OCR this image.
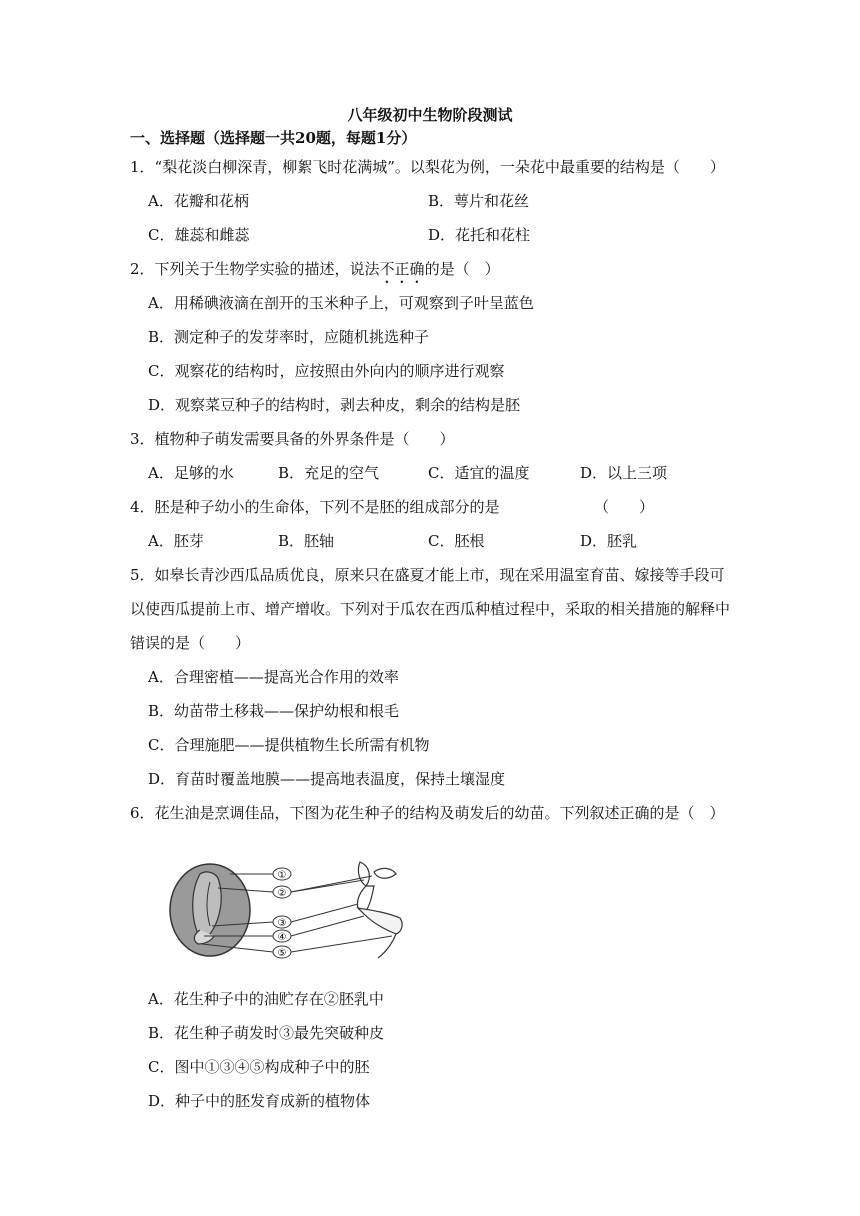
八年级初中生物阶段测试
一、选择题（选择题一共20题，每题1分）
1．“梨花淡白柳深青，柳絮飞时花满城”。以梨花为例，一朵花中最重要的结构是（　　）
A．花瓣和花柄	B．萼片和花丝
C．雄蕊和雌蕊	D．花托和花柱
2．下列关于生物学实验的描述，说法不正确的是（　）
A．用稀碘液滴在剖开的玉米种子上，可观察到子叶呈蓝色
B．测定种子的发芽率时，应随机挑选种子
C．观察花的结构时，应按照由外向内的顺序进行观察
D．观察菜豆种子的结构时，剥去种皮，剩余的结构是胚
3．植物种子萌发需要具备的外界条件是（　　）
A．足够的水	B．充足的空气	C．适宜的温度	D．以上三项
4．胚是种子幼小的生命体，下列不是胚的组成部分的是	（　　）
A．胚芽	B．胚轴	C．胚根	D．胚乳
5．如皋长青沙西瓜品质优良，原来只在盛夏才能上市，现在采用温室育苗、嫁接等手段可
以使西瓜提前上市、增产增收。下列对于瓜农在西瓜种植过程中，采取的相关措施的解释中
错误的是（　　）
A．合理密植——提高光合作用的效率
B．幼苗带土移栽——保护幼根和根毛
C．合理施肥——提供植物生长所需有机物
D．育苗时覆盖地膜——提高地表温度，保持土壤湿度
6．花生油是烹调佳品，下图为花生种子的结构及萌发后的幼苗。下列叙述正确的是（　）
①
②
③
④
⑤
A．花生种子中的油贮存在②胚乳中
B．花生种子萌发时③最先突破种皮
C．图中①③④⑤构成种子中的胚
D．种子中的胚发育成新的植物体
